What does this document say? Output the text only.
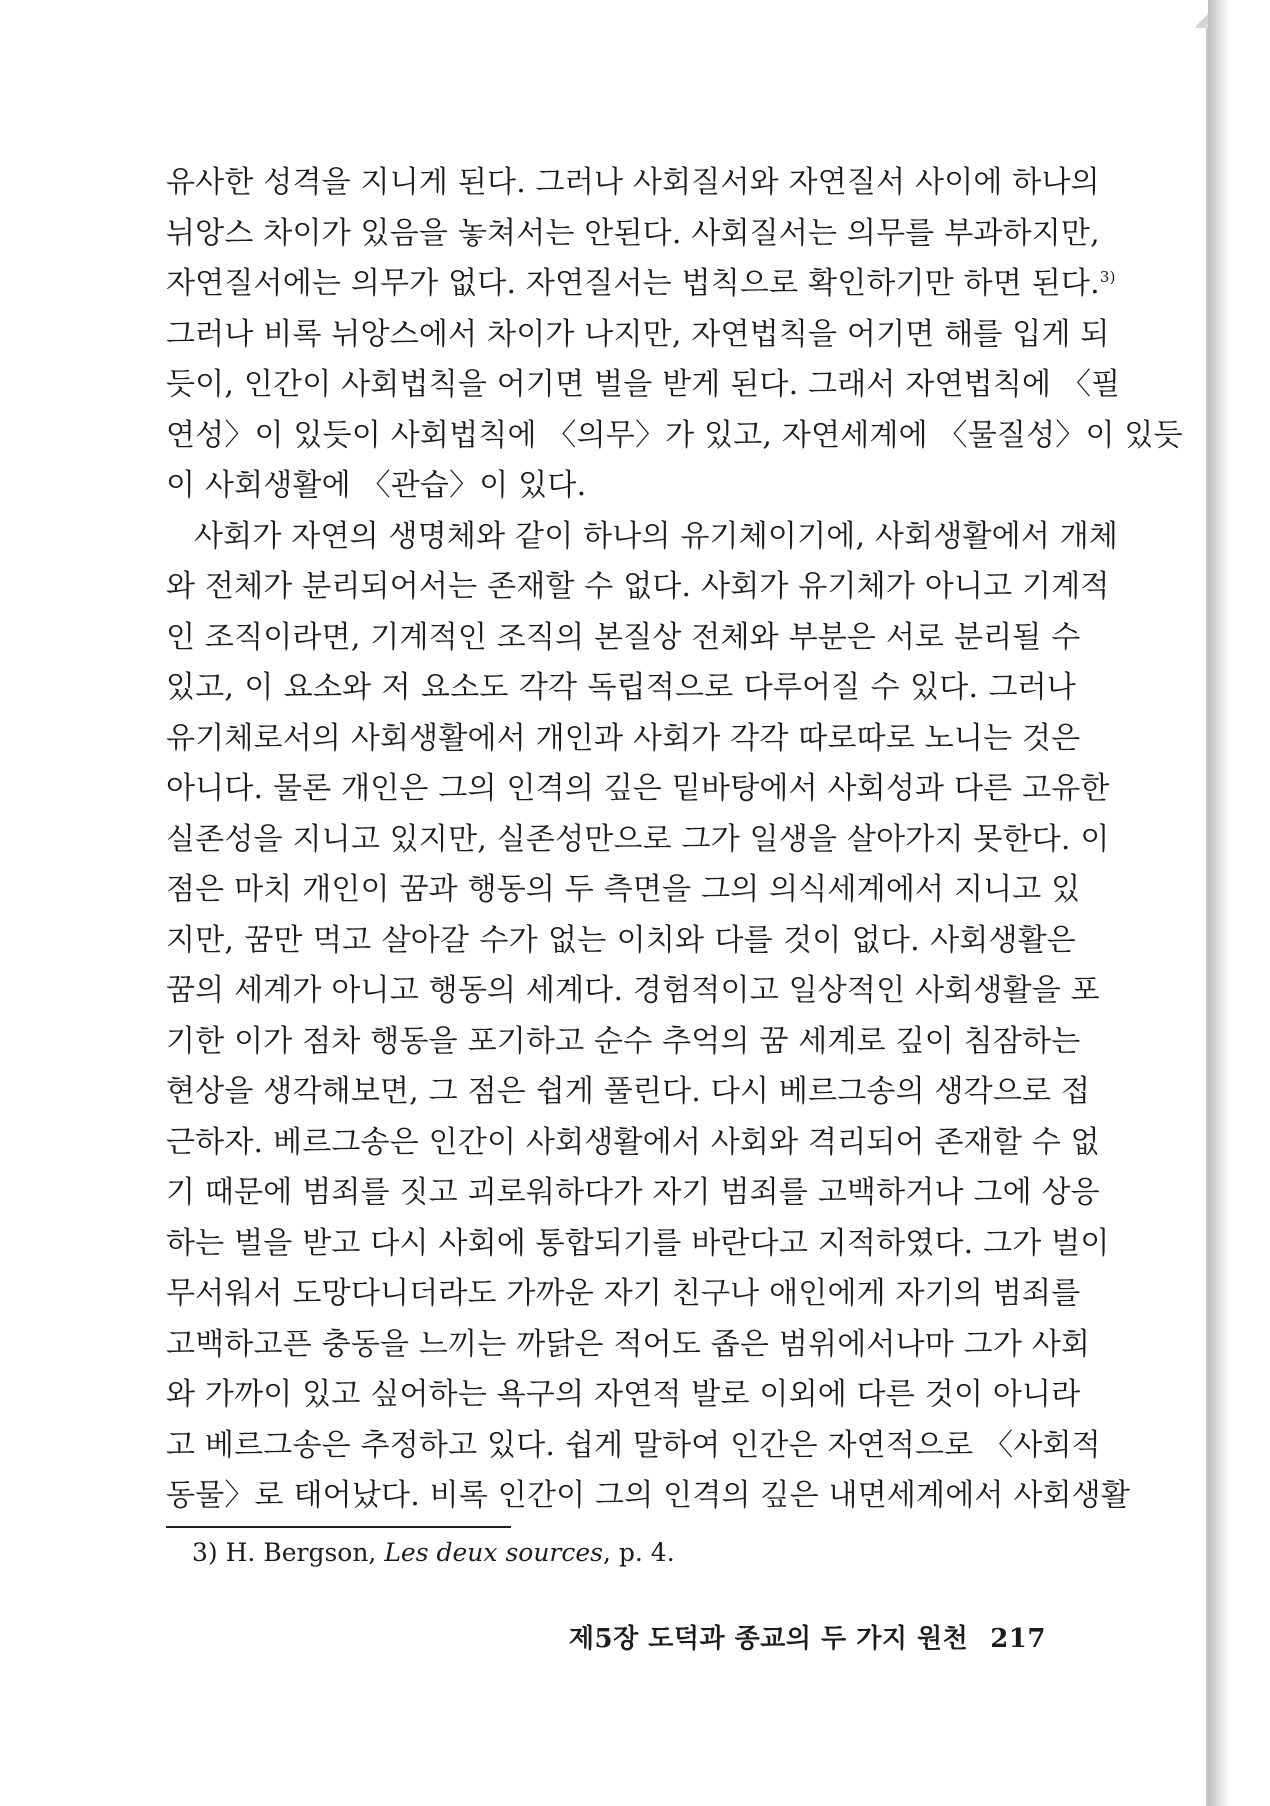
유사한 성격을 지니게 된다. 그러나 사회질서와 자연질서 사이에 하나의
뉘앙스 차이가 있음을 놓쳐서는 안된다. 사회질서는 의무를 부과하지만,
자연질서에는 의무가 없다. 자연질서는 법칙으로 확인하기만 하면 된다.$^{3)}$
그러나 비록 뉘앙스에서 차이가 나지만, 자연법칙을 어기면 해를 입게 되
듯이, 인간이 사회법칙을 어기면 벌을 받게 된다. 그래서 자연법칙에 〈필
연성〉이 있듯이 사회법칙에 〈의무〉가 있고, 자연세계에 〈물질성〉이 있듯
이 사회생활에 〈관습〉이 있다.
사회가 자연의 생명체와 같이 하나의 유기체이기에, 사회생활에서 개체
와 전체가 분리되어서는 존재할 수 없다. 사회가 유기체가 아니고 기계적
인 조직이라면, 기계적인 조직의 본질상 전체와 부분은 서로 분리될 수
있고, 이 요소와 저 요소도 각각 독립적으로 다루어질 수 있다. 그러나
유기체로서의 사회생활에서 개인과 사회가 각각 따로따로 노니는 것은
아니다. 물론 개인은 그의 인격의 깊은 밑바탕에서 사회성과 다른 고유한
실존성을 지니고 있지만, 실존성만으로 그가 일생을 살아가지 못한다. 이
점은 마치 개인이 꿈과 행동의 두 측면을 그의 의식세계에서 지니고 있
지만, 꿈만 먹고 살아갈 수가 없는 이치와 다를 것이 없다. 사회생활은
꿈의 세계가 아니고 행동의 세계다. 경험적이고 일상적인 사회생활을 포
기한 이가 점차 행동을 포기하고 순수 추억의 꿈 세계로 깊이 침잠하는
현상을 생각해보면, 그 점은 쉽게 풀린다. 다시 베르그송의 생각으로 접
근하자. 베르그송은 인간이 사회생활에서 사회와 격리되어 존재할 수 없
기 때문에 범죄를 짓고 괴로워하다가 자기 범죄를 고백하거나 그에 상응
하는 벌을 받고 다시 사회에 통합되기를 바란다고 지적하였다. 그가 벌이
무서워서 도망다니더라도 가까운 자기 친구나 애인에게 자기의 범죄를
고백하고픈 충동을 느끼는 까닭은 적어도 좁은 범위에서나마 그가 사회
와 가까이 있고 싶어하는 욕구의 자연적 발로 이외에 다른 것이 아니라
고 베르그송은 추정하고 있다. 쉽게 말하여 인간은 자연적으로 〈사회적
동물〉로 태어났다. 비록 인간이 그의 인격의 깊은 내면세계에서 사회생활
3) H. Bergson, Les deux sources, p. 4.
제5장 도덕과 종교의 두 가지 원천 217
